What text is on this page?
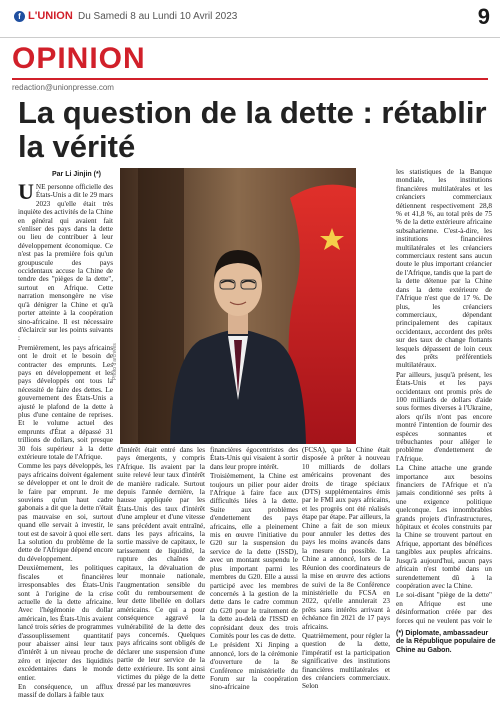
f L'UNION Du Samedi 8 au Lundi 10 Avril 2023	9
OPINION
redaction@unionpresse.com
La question de la dette : rétablir la vérité
Par Li Jinjin (*)

UNE personne officielle des États-Unis a dit le 29 mars 2023 qu'elle était très inquiète des activités de la Chine en général qui avaient fait s'enliser des pays dans la dette ou lieu de contribuer à leur développement économique. Ce n'est pas la première fois qu'un groupuscule des pays occidentaux accuse la Chine de tendre des "pièges de la dette", surtout en Afrique. Cette narration mensongère ne vise qu'à dénigrer la Chine et qu'à porter atteinte à la coopération sino-africaine. Il est nécessaire d'éclaircir sur les points suivants :

Premièrement, les pays africains ont le droit et le besoin de contracter des emprunts. Les pays en développement et les pays développés ont tous la nécessité de faire des dettes. Le gouvernement des États-Unis a ajusté le plafond de la dette à plus d'une centaine de reprises. Et le volume actuel des emprunts d'État a dépassé 31 trillions de dollars, soit presque 30 fois supérieur à la dette extérieure totale de l'Afrique.

Comme les pays développés, les pays africains doivent également se développer et ont le droit de le faire par emprunt. Je me souviens qu'un haut cadre gabonais a dit que la dette n'était pas mauvaise en soi, surtout quand elle servait à investir, le tout est de savoir à quoi elle sert. La solution du problème de la dette de l'Afrique dépend encore du développement.

Deuxièmement, les politiques fiscales et financières irresponsables des États-Unis sont à l'origine de la crise actuelle de la dette africaine. Avec l'hégémonie du dollar américain, les États-Unis avaient lancé trois séries de programmes d'assouplissement quantitatif pour abaisser ainsi leur taux d'intérêt à un niveau proche de zéro et injecter des liquidités excédentaires dans le monde entier.

En conséquence, un afflux massif de dollars à faible taux

Photo d'archives

d'intérêt était entré dans les pays émergents, y compris l'Afrique. Ils avaient par la suite relevé leur taux d'intérêt de manière radicale. Surtout depuis l'année dernière, la hausse appliquée par les États-Unis des taux d'intérêt d'une ampleur et d'une vitesse sans précédent avait entraîné, dans les pays africains, la sortie massive de capitaux, le tarissement de liquidité, la rupture des chaînes de capitaux, la dévaluation de leur monnaie nationale, l'augmentation sensible du coût du remboursement de leur dette libellée en dollars américains. Ce qui a pour conséquence aggravé la vulnérabilité de la dette des pays concernés. Quelques pays africains sont obligés de déclarer une suspension d'une partie de leur service de la dette extérieure. Ils sont ainsi victimes du piège de la dette dressé par les manœuvres

financières égocentristes des États-Unis qui visaient à sortir dans leur propre intérêt.

Troisièmement, la Chine est toujours un pilier pour aider l'Afrique à faire face aux difficultés liées à la dette. Suite aux problèmes d'endettement des pays africains, elle a pleinement mis en œuvre l'initiative du G20 sur la suspension du service de la dette (ISSD), avec un montant suspendu le plus important parmi les membres du G20. Elle a aussi participé avec les membres concernés à la gestion de la dette dans le cadre commun du G20 pour le traitement de la dette au-delà de l'ISSD en coprésidant deux des trois Comités pour les cas de dette.

Le président Xi Jinping a annoncé, lors de la cérémonie d'ouverture de la 8e Conférence ministérielle du Forum sur la coopération sino-africaine

(FCSA), que la Chine était disposée à prêter à nouveau 10 milliards de dollars américains provenant des droits de tirage spéciaux (DTS) supplémentaires émis par le FMI aux pays africains, et les progrès ont été réalisés étape par étape. Par ailleurs, la Chine a fait de son mieux pour annuler les dettes des pays les moins avancés dans la mesure du possible. La Chine a annoncé, lors de la Réunion des coordinateurs de la mise en œuvre des actions de suivi de la 8e Conférence ministérielle du FCSA en 2022, qu'elle annulerait 23 prêts sans intérêts arrivant à échéance fin 2021 de 17 pays africains.

Quatrièmement, pour régler la question de la dette, l'impératif est la participation significative des institutions financières multilatérales et des créanciers commerciaux. Selon

les statistiques de la Banque mondiale, les institutions financières multilatérales et les créanciers commerciaux détiennent respectivement 28,8 % et 41,8 %, au total près de 75 % de la dette extérieure africaine subsaharienne. C'est-à-dire, les institutions financières multilatérales et les créanciers commerciaux restent sans aucun doute le plus important créancier de l'Afrique, tandis que la part de la dette détenue par la Chine dans la dette extérieure de l'Afrique n'est que de 17 %. De plus, les créanciers commerciaux, dépendant principalement des capitaux occidentaux, accordent des prêts sur des taux de change flottants lesquels dépassent de loin ceux des prêts préférentiels multilatéraux.

Par ailleurs, jusqu'à présent, les États-Unis et les pays occidentaux ont promis près de 100 milliards de dollars d'aide sous formes diverses à l'Ukraine, alors qu'ils n'ont pas encore montré l'intention de fournir des espèces sonnantes et trébuchantes pour alléger le problème d'endettement de l'Afrique.

La Chine attache une grande importance aux besoins financiers de l'Afrique et n'a jamais conditionné ses prêts à une exigence politique quelconque. Les innombrables grands projets d'infrastructures, hôpitaux et écoles construits par la Chine se trouvent partout en Afrique, apportant des bénéfices tangibles aux peuples africains. Jusqu'à aujourd'hui, aucun pays africain n'est tombé dans un surendettement dû à la coopération avec la Chine.

Le soi-disant "piège de la dette" en Afrique est une désinformation créée par des forces qui ne veulent pas voir le

(*) Diplomate, ambassadeur de la République populaire de Chine au Gabon.
